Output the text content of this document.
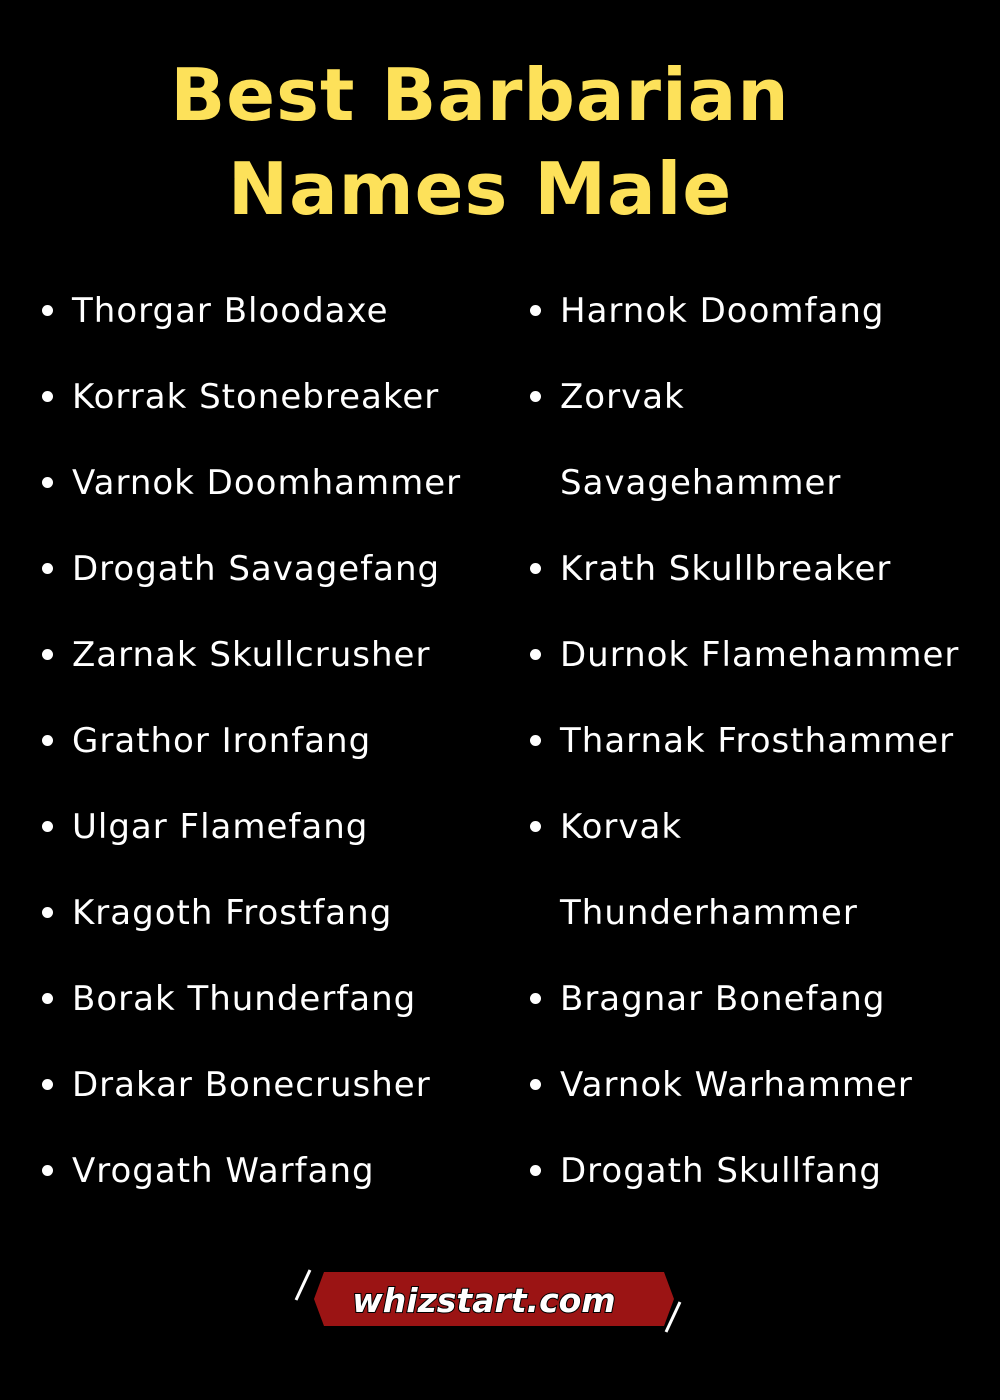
Best Barbarian
Names Male
Thorgar Bloodaxe
Korrak Stonebreaker
Varnok Doomhammer
Drogath Savagefang
Zarnak Skullcrusher
Grathor Ironfang
Ulgar Flamefang
Kragoth Frostfang
Borak Thunderfang
Drakar Bonecrusher
Vrogath Warfang
Harnok Doomfang
Zorvak Savagehammer
Krath Skullbreaker
Durnok Flamehammer
Tharnak Frosthammer
Korvak Thunderhammer
Bragnar Bonefang
Varnok Warhammer
Drogath Skullfang
whizstart.com
